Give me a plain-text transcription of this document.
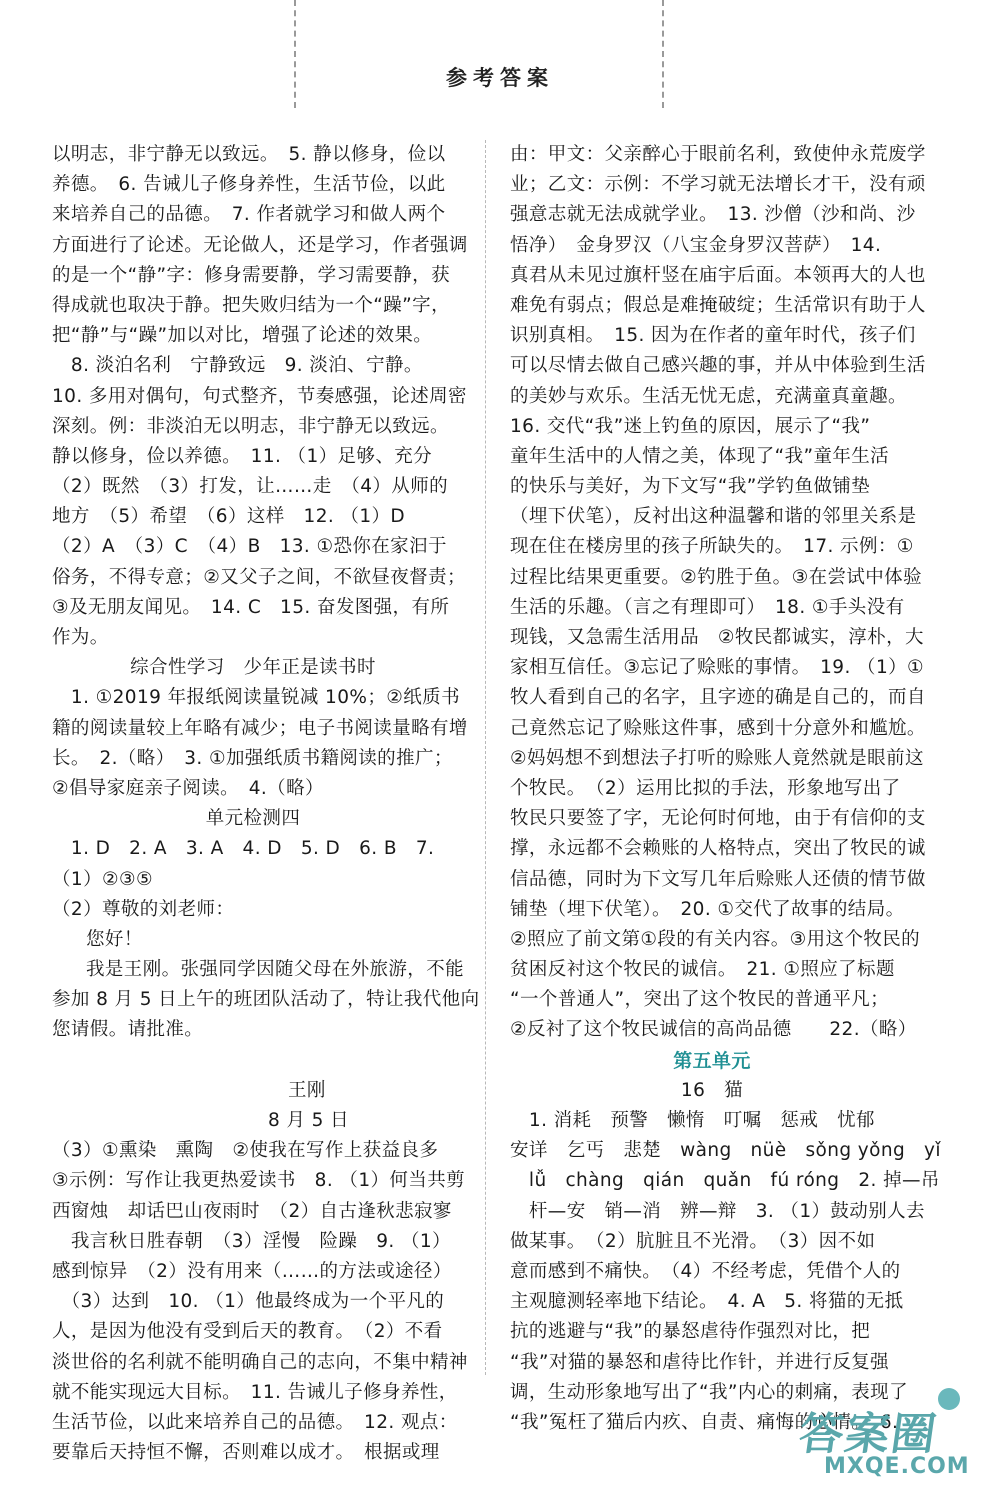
参考答案
以明志，非宁静无以致远。　5. 静以修身，俭以
养德。　6. 告诫儿子修身养性，生活节俭，以此
来培养自己的品德。　7. 作者就学习和做人两个
方面进行了论述。无论做人，还是学习，作者强调
的是一个“静”字：修身需要静，学习需要静，获
得成就也取决于静。把失败归结为一个“躁”字，
把“静”与“躁”加以对比，增强了论述的效果。
　8. 淡泊名利　宁静致远　9. 淡泊、宁静。
10. 多用对偶句，句式整齐，节奏感强，论述周密
深刻。例：非淡泊无以明志，非宁静无以致远。
静以修身，俭以养德。　11. （1）足够、充分
（2）既然　（3）打发，让……走　（4）从师的
地方　（5）希望　（6）这样　12. （1）D
（2）A　（3）C　（4）B　13. ①恐你在家汩于
俗务，不得专意；②又父子之间，不欲昼夜督责；
③及无朋友闻见。　14. C　15. 奋发图强，有所
作为。
综合性学习　少年正是读书时
　1. ①2019 年报纸阅读量锐减 10%；②纸质书
籍的阅读量较上年略有减少；电子书阅读量略有增
长。　2.（略）　3. ①加强纸质书籍阅读的推广；
②倡导家庭亲子阅读。　4.（略）
单元检测四
　1. D　2. A　3. A　4. D　5. D　6. B　7.
（1）②③⑤
（2）尊敬的刘老师：
您好！
我是王刚。张强同学因随父母在外旅游，不能
参加 8 月 5 日上午的班团队活动了，特让我代他向
您请假。请批准。
王刚
8 月 5 日
（3）①熏染　熏陶　②使我在写作上获益良多
③示例：写作让我更热爱读书　8. （1）何当共剪
西窗烛　却话巴山夜雨时　（2）自古逢秋悲寂寥
　我言秋日胜春朝　（3）淫慢　险躁　9. （1）
感到惊异　（2）没有用来（……的方法或途径）
　（3）达到　10. （1）他最终成为一个平凡的
人，是因为他没有受到后天的教育。　（2）不看
淡世俗的名利就不能明确自己的志向，不集中精神
就不能实现远大目标。　11. 告诫儿子修身养性，
生活节俭，以此来培养自己的品德。　12. 观点：
要靠后天持恒不懈，否则难以成才。　根据或理
由：甲文：父亲醉心于眼前名利，致使仲永荒废学
业；乙文：示例：不学习就无法增长才干，没有顽
强意志就无法成就学业。　13. 沙僧（沙和尚、沙
悟净）　金身罗汉（八宝金身罗汉菩萨）　14.
真君从未见过旗杆竖在庙宇后面。本领再大的人也
难免有弱点；假总是难掩破绽；生活常识有助于人
识别真相。　15. 因为在作者的童年时代，孩子们
可以尽情去做自己感兴趣的事，并从中体验到生活
的美妙与欢乐。生活无忧无虑，充满童真童趣。
16. 交代“我”迷上钓鱼的原因，展示了“我”
童年生活中的人情之美，体现了“我”童年生活
的快乐与美好，为下文写“我”学钓鱼做铺垫
（埋下伏笔），反衬出这种温馨和谐的邻里关系是
现在住在楼房里的孩子所缺失的。　17. 示例：①
过程比结果更重要。②钓胜于鱼。③在尝试中体验
生活的乐趣。（言之有理即可）　18. ①手头没有
现钱，又急需生活用品　②牧民都诚实，淳朴，大
家相互信任。③忘记了赊账的事情。　19. （1）①
牧人看到自己的名字，且字迹的确是自己的，而自
己竟然忘记了赊账这件事，感到十分意外和尴尬。
②妈妈想不到想法子打听的赊账人竟然就是眼前这
个牧民。　（2）运用比拟的手法，形象地写出了
牧民只要签了字，无论何时何地，由于有信仰的支
撑，永远都不会赖账的人格特点，突出了牧民的诚
信品德，同时为下文写几年后赊账人还债的情节做
铺垫（埋下伏笔）。　20. ①交代了故事的结局。
②照应了前文第①段的有关内容。③用这个牧民的
贫困反衬这个牧民的诚信。　21. ①照应了标题
“一个普通人”，突出了这个牧民的普通平凡；
②反衬了这个牧民诚信的高尚品德　　22.（略）
第五单元
16　猫
　1. 消耗　预警　懒惰　叮嘱　惩戒　忧郁
安详　乞丐　悲楚　wàng　nüè　sǒng yǒng　yǐ
　lǚ　chàng　qián　quǎn　fú róng　2. 掉—吊
　杆—安　销—消　辨—辩　3. （1）鼓动别人去
做某事。　（2）肮脏且不光滑。　（3）因不如
意而感到不痛快。　（4）不经考虑，凭借个人的
主观臆测轻率地下结论。　4. A　5. 将猫的无抵
抗的逃避与“我”的暴怒虐待作强烈对比，把
“我”对猫的暴怒和虐待比作针，并进行反复强
调，生动形象地写出了“我”内心的刺痛，表现了
“我”冤枉了猫后内疚、自责、痛悔的心情。　6.
答案圈
MXQE.COM
